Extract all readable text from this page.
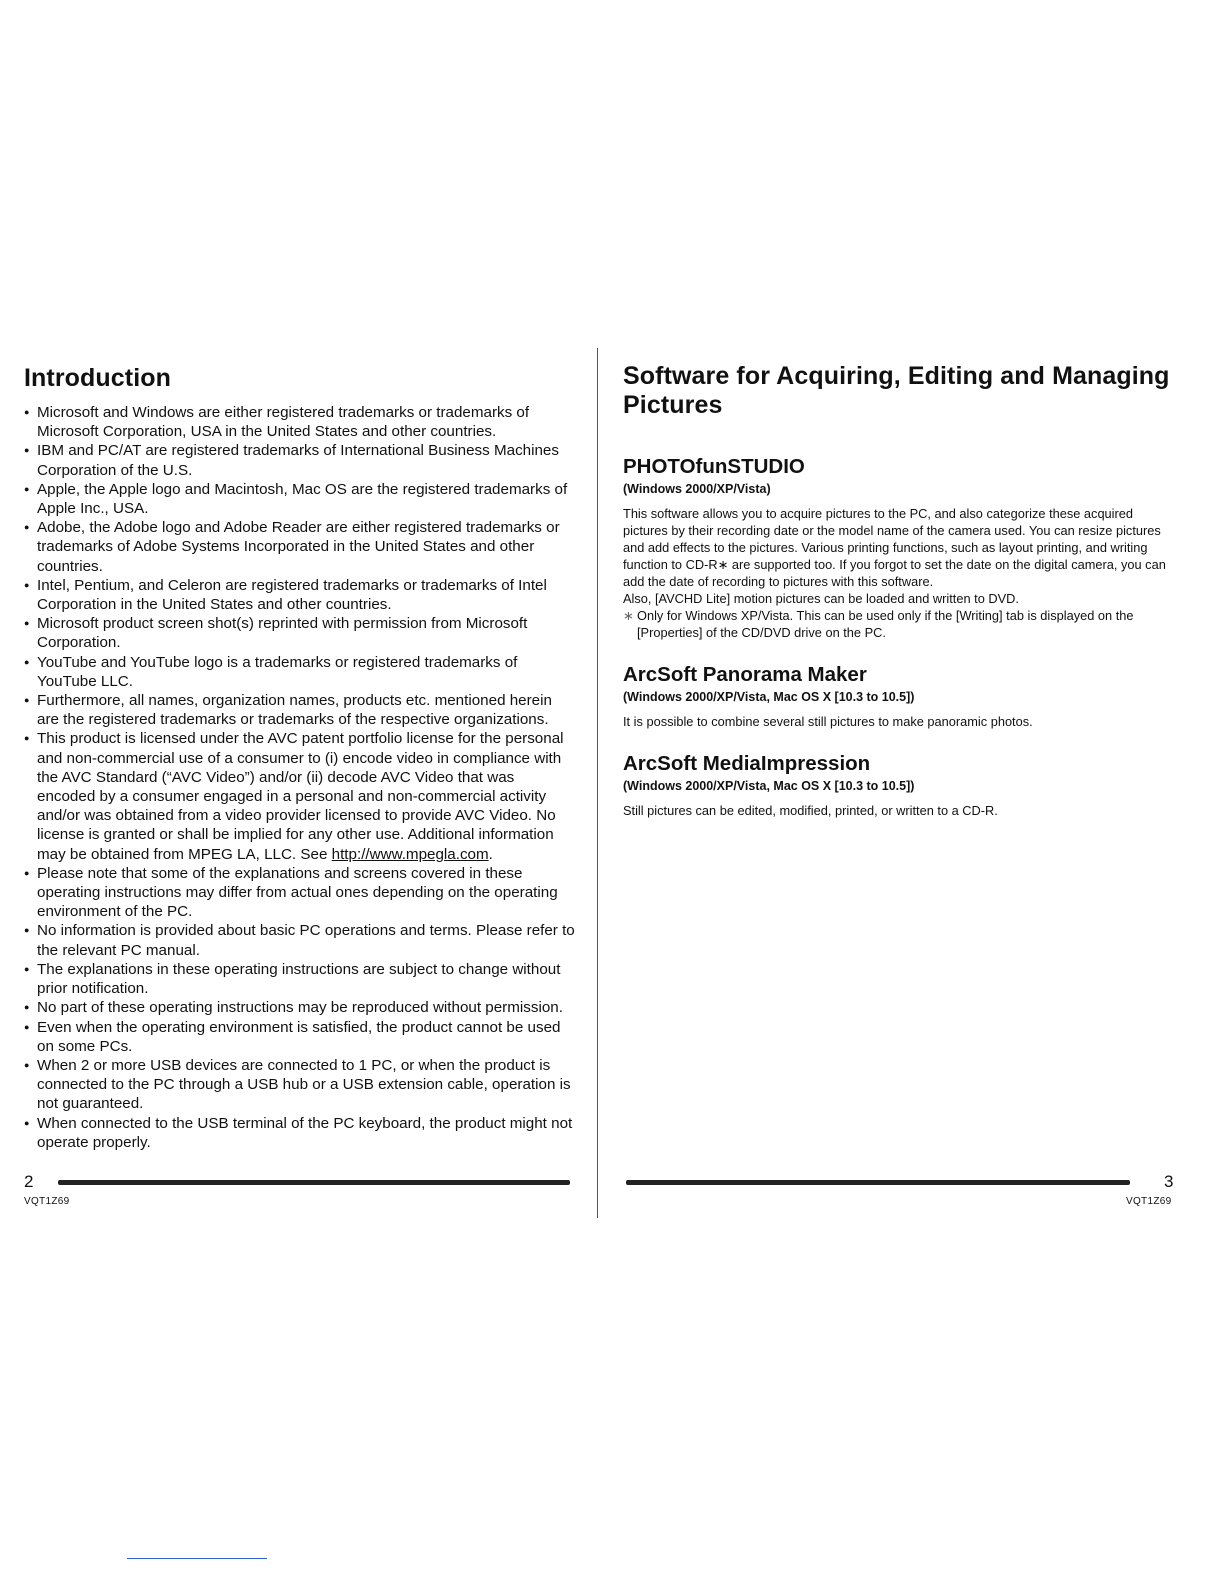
Introduction
● Microsoft and Windows are either registered trademarks or trademarks of Microsoft Corporation, USA in the United States and other countries.
● IBM and PC/AT are registered trademarks of International Business Machines Corporation of the U.S.
● Apple, the Apple logo and Macintosh, Mac OS are the registered trademarks of Apple Inc., USA.
● Adobe, the Adobe logo and Adobe Reader are either registered trademarks or trademarks of Adobe Systems Incorporated in the United States and other countries.
● Intel, Pentium, and Celeron are registered trademarks or trademarks of Intel Corporation in the United States and other countries.
● Microsoft product screen shot(s) reprinted with permission from Microsoft Corporation.
● YouTube and YouTube logo is a trademarks or registered trademarks of YouTube LLC.
● Furthermore, all names, organization names, products etc. mentioned herein are the registered trademarks or trademarks of the respective organizations.
● This product is licensed under the AVC patent portfolio license for the personal and non-commercial use of a consumer to (i) encode video in compliance with the AVC Standard (“AVC Video”) and/or (ii) decode AVC Video that was encoded by a consumer engaged in a personal and non-commercial activity and/or was obtained from a video provider licensed to provide AVC Video. No license is granted or shall be implied for any other use. Additional information may be obtained from MPEG LA, LLC. See http://www.mpegla.com.
● Please note that some of the explanations and screens covered in these operating instructions may differ from actual ones depending on the operating environment of the PC.
● No information is provided about basic PC operations and terms. Please refer to the relevant PC manual.
● The explanations in these operating instructions are subject to change without prior notification.
● No part of these operating instructions may be reproduced without permission.
● Even when the operating environment is satisfied, the product cannot be used on some PCs.
● When 2 or more USB devices are connected to 1 PC, or when the product is connected to the PC through a USB hub or a USB extension cable, operation is not guaranteed.
● When connected to the USB terminal of the PC keyboard, the product might not operate properly.
2
VQT1Z69
Software for Acquiring, Editing and Managing Pictures
PHOTOfunSTUDIO
(Windows 2000/XP/Vista)

This software allows you to acquire pictures to the PC, and also categorize these acquired pictures by their recording date or the model name of the camera used. You can resize pictures and add effects to the pictures. Various printing functions, such as layout printing, and writing function to CD-R∗ are supported too. If you forgot to set the date on the digital camera, you can add the date of recording to pictures with this software.

Also, [AVCHD Lite] motion pictures can be loaded and written to DVD.

∗ Only for Windows XP/Vista. This can be used only if the [Writing] tab is displayed on the [Properties] of the CD/DVD drive on the PC.

ArcSoft Panorama Maker
(Windows 2000/XP/Vista, Mac OS X [10.3 to 10.5])

It is possible to combine several still pictures to make panoramic photos.

ArcSoft MediaImpression
(Windows 2000/XP/Vista, Mac OS X [10.3 to 10.5])

Still pictures can be edited, modified, printed, or written to a CD-R.

3
VQT1Z69
